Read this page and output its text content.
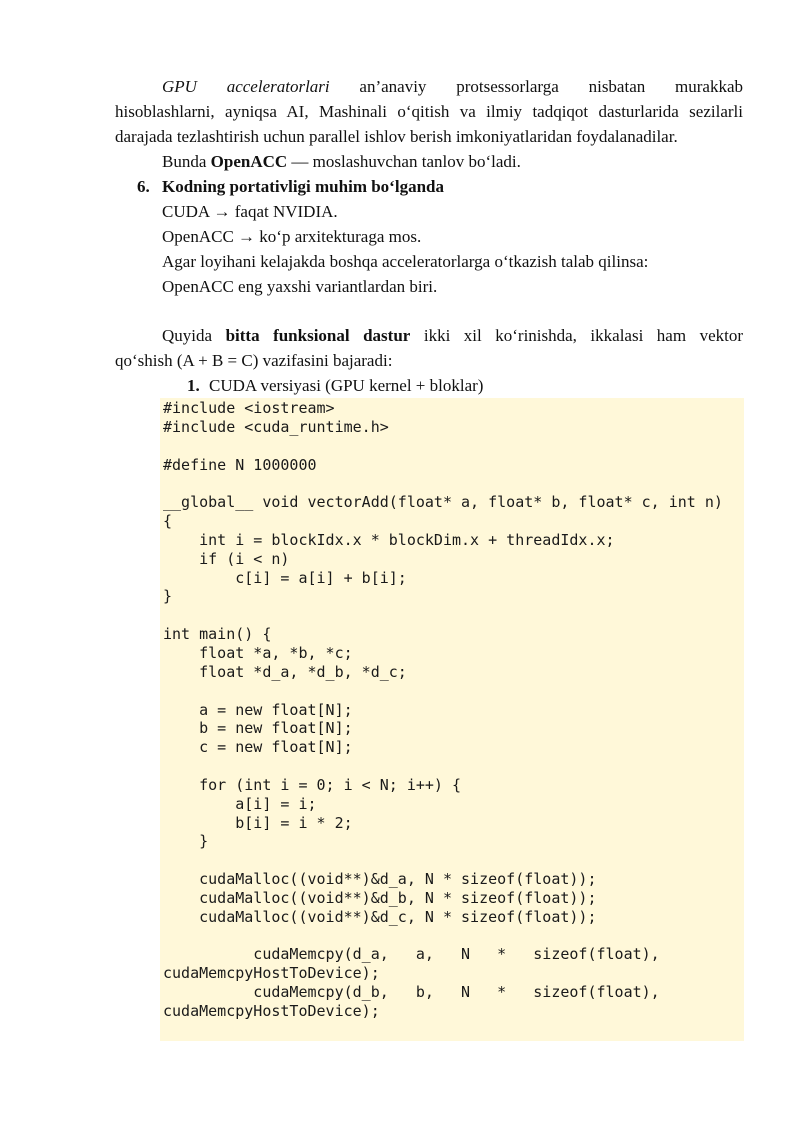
GPU acceleratorlari an’anaviy protsessorlarga nisbatan murakkab
hisoblashlarni, ayniqsa AI, Mashinali o‘qitish va ilmiy tadqiqot dasturlarida sezilarli
darajada tezlashtirish uchun parallel ishlov berish imkoniyatlaridan foydalanadilar.
Bunda OpenACC — moslashuvchan tanlov bo‘ladi.
6. Kodning portativligi muhim bo‘lganda
CUDA → faqat NVIDIA.
OpenACC → ko‘p arxitekturaga mos.
Agar loyihani kelajakda boshqa acceleratorlarga o‘tkazish talab qilinsa:
OpenACC eng yaxshi variantlardan biri.
Quyida bitta funksional dastur ikki xil ko‘rinishda, ikkalasi ham vektor
qo‘shish (A + B = C) vazifasini bajaradi:
1. CUDA versiyasi (GPU kernel + bloklar)
#include <iostream>
#include <cuda_runtime.h>

#define N 1000000

__global__ void vectorAdd(float* a, float* b, float* c, int n)
{
int i = blockIdx.x * blockDim.x + threadIdx.x;
if (i < n)
c[i] = a[i] + b[i];
}

int main() {
float *a, *b, *c;
float *d_a, *d_b, *d_c;

a = new float[N];
b = new float[N];
c = new float[N];

for (int i = 0; i < N; i++) {
a[i] = i;
b[i] = i * 2;
}

cudaMalloc((void**)&d_a, N * sizeof(float));
cudaMalloc((void**)&d_b, N * sizeof(float));
cudaMalloc((void**)&d_c, N * sizeof(float));

cudaMemcpy(d_a,   a,   N   *   sizeof(float),
cudaMemcpyHostToDevice);
cudaMemcpy(d_b,   b,   N   *   sizeof(float),
cudaMemcpyHostToDevice);
